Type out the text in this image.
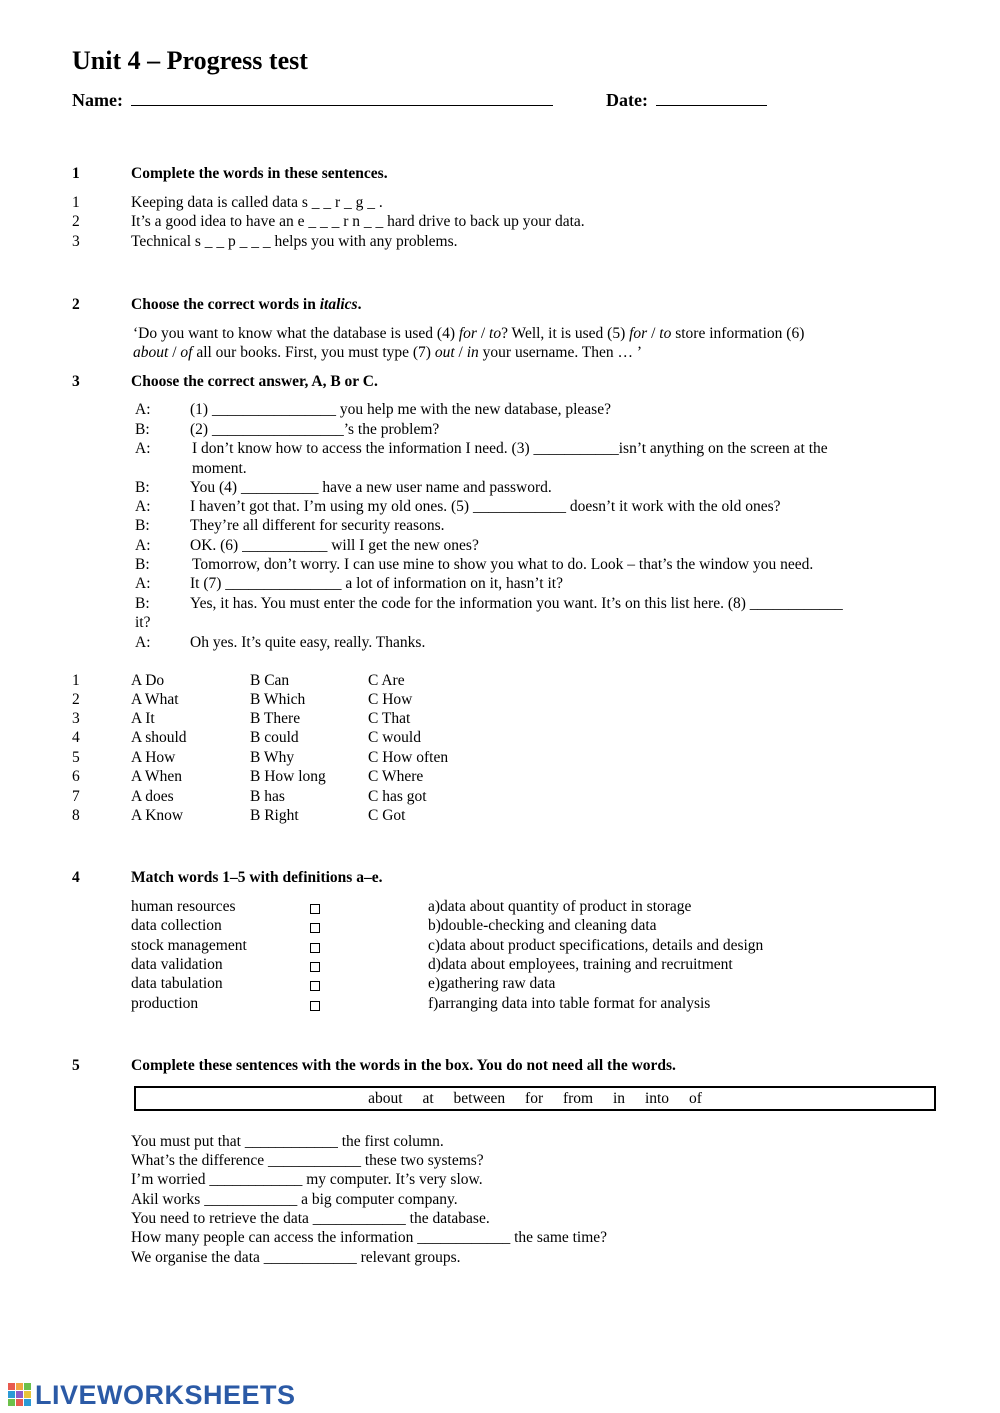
Unit 4 – Progress test
Name:	Date:
1	Complete the words in these sentences.
1	Keeping data is called data s _ _ r _ g _ .
2	It’s a good idea to have an e _ _ _ r n _ _ hard drive to back up your data.
3	Technical s _ _ p _ _ _ helps you with any problems.
2	Choose the correct words in italics.
‘Do you want to know what the database is used (4) for / to? Well, it is used (5) for / to store information (6)
about / of all our books. First, you must type (7) out / in your username. Then … ’
3	Choose the correct answer, A, B or C.
A:	(1) ________________ you help me with the new database, please?
B:	(2) _________________’s the problem?
A:	I don’t know how to access the information I need. (3) ___________isn’t anything on the screen at the
moment.
B:	You (4) __________ have a new user name and password.
A:	I haven’t got that. I’m using my old ones. (5) ____________ doesn’t it work with the old ones?
B:	They’re all different for security reasons.
A:	OK. (6) ___________ will I get the new ones?
B:	Tomorrow, don’t worry. I can use mine to show you what to do. Look – that’s the window you need.
A:	It (7) _______________ a lot of information on it, hasn’t it?
B:	Yes, it has. You must enter the code for the information you want. It’s on this list here. (8) ____________
it?
A:	Oh yes. It’s quite easy, really. Thanks.
1	A Do	B Can	C Are
2	A What	B Which	C How
3	A It	B There	C That
4	A should	B could	C would
5	A How	B Why	C How often
6	A When	B How long	C Where
7	A does	B has	C has got
8	A Know	B Right	C Got
4	Match words 1–5 with definitions a–e.
human resources	a)data about quantity of product in storage
data collection	b)double-checking and cleaning data
stock management	c)data about product specifications, details and design
data validation	d)data about employees, training and recruitment
data tabulation	e)gathering raw data
production	f)arranging data into table format for analysis
5	Complete these sentences with the words in the box. You do not need all the words.
about at between for from in into of
You must put that ____________ the first column.
What’s the difference ____________ these two systems?
I’m worried ____________ my computer. It’s very slow.
Akil works ____________ a big computer company.
You need to retrieve the data ____________ the database.
How many people can access the information ____________ the same time?
We organise the data ____________ relevant groups.
LIVEWORKSHEETS
